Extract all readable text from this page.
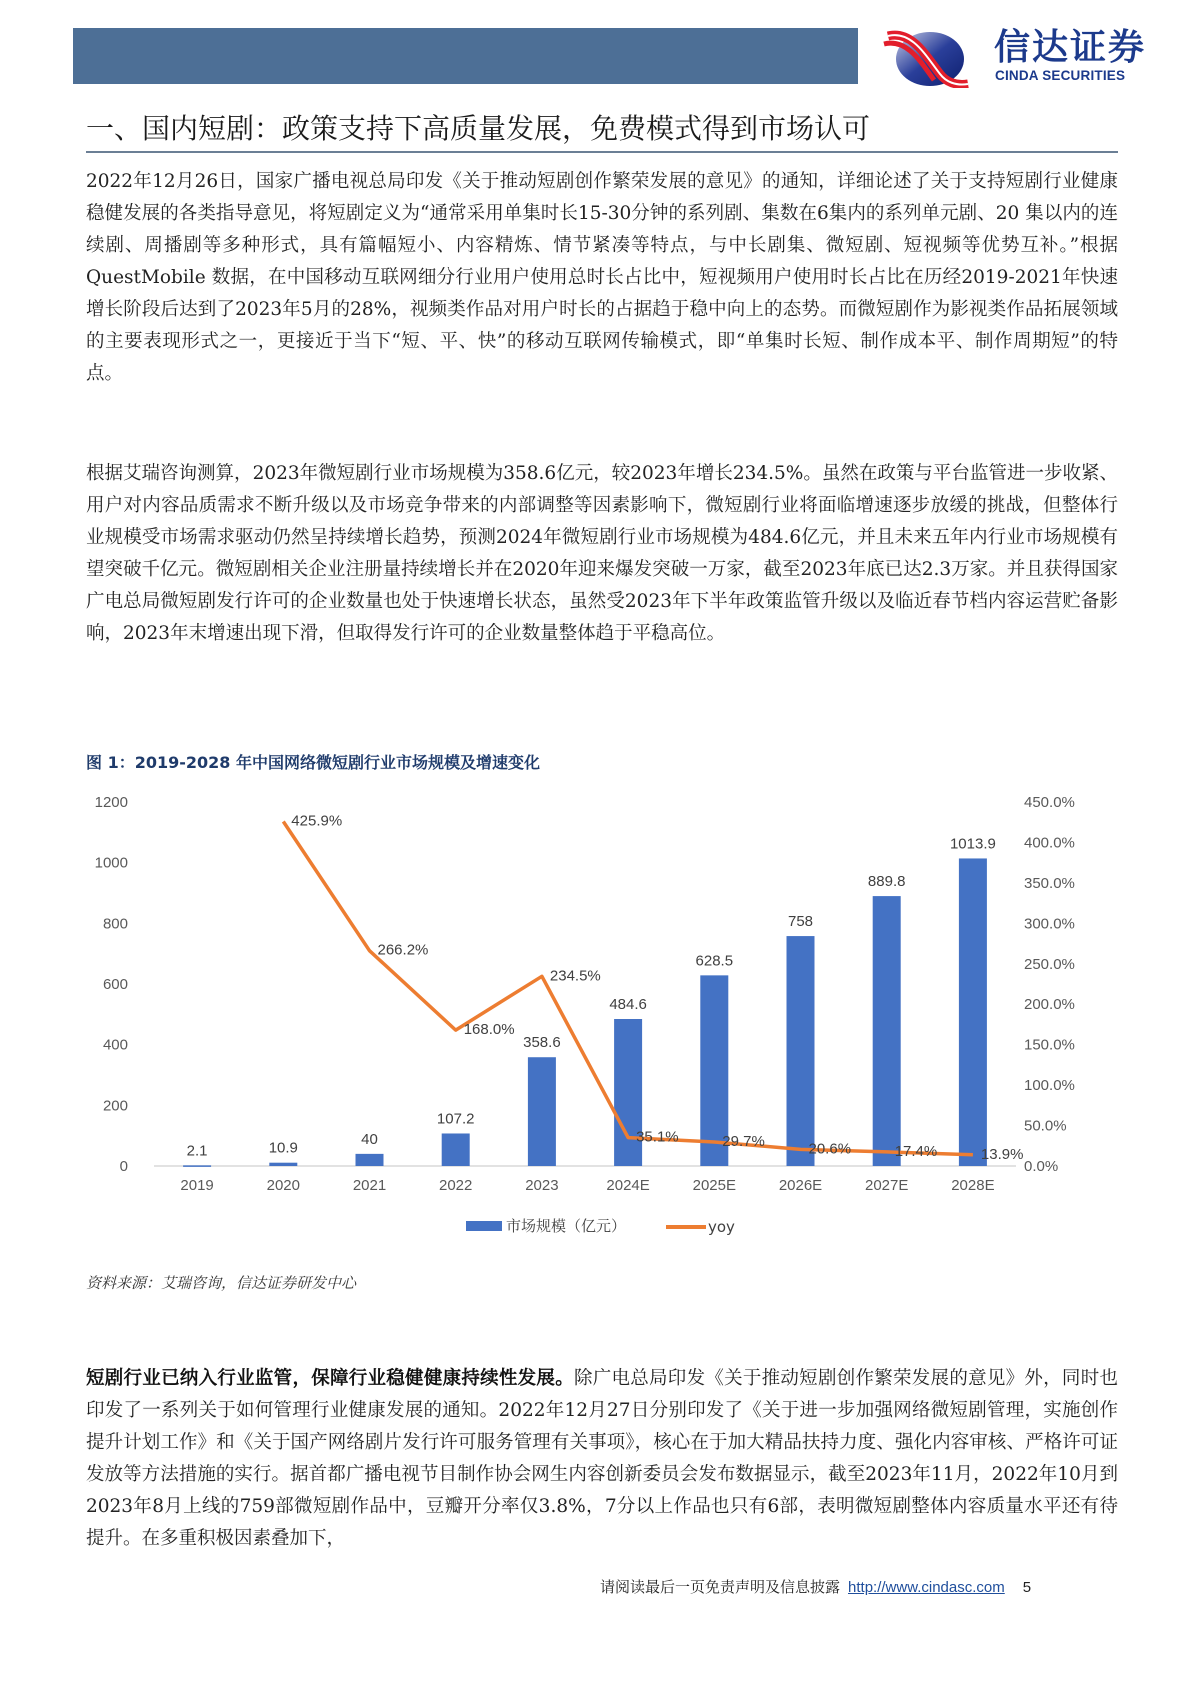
信达证券
CINDA SECURITIES
一、国内短剧：政策支持下高质量发展，免费模式得到市场认可
2022年12月26日，国家广播电视总局印发《关于推动短剧创作繁荣发展的意见》的通知，详细论述了关于支持短剧行业健康稳健发展的各类指导意见，将短剧定义为“通常采用单集时长15-30分钟的系列剧、集数在6集内的系列单元剧、20 集以内的连续剧、周播剧等多种形式，具有篇幅短小、内容精炼、情节紧凑等特点，与中长剧集、微短剧、短视频等优势互补。”根据 QuestMobile 数据，在中国移动互联网细分行业用户使用总时长占比中，短视频用户使用时长占比在历经2019-2021年快速增长阶段后达到了2023年5月的28%，视频类作品对用户时长的占据趋于稳中向上的态势。而微短剧作为影视类作品拓展领域的主要表现形式之一，更接近于当下“短、平、快”的移动互联网传输模式，即“单集时长短、制作成本平、制作周期短”的特点。
根据艾瑞咨询测算，2023年微短剧行业市场规模为358.6亿元，较2023年增长234.5%。虽然在政策与平台监管进一步收紧、用户对内容品质需求不断升级以及市场竞争带来的内部调整等因素影响下，微短剧行业将面临增速逐步放缓的挑战，但整体行业规模受市场需求驱动仍然呈持续增长趋势，预测2024年微短剧行业市场规模为484.6亿元，并且未来五年内行业市场规模有望突破千亿元。微短剧相关企业注册量持续增长并在2020年迎来爆发突破一万家，截至2023年底已达2.3万家。并且获得国家广电总局微短剧发行许可的企业数量也处于快速增长状态，虽然受2023年下半年政策监管升级以及临近春节档内容运营贮备影响，2023年末增速出现下滑，但取得发行许可的企业数量整体趋于平稳高位。
图 1：2019-2028 年中国网络微短剧行业市场规模及增速变化
0
200
400
600
800
1000
1200
0.0%
50.0%
100.0%
150.0%
200.0%
250.0%
300.0%
350.0%
400.0%
450.0%
2.1	10.9
40
107.2
358.6
484.6
628.5
758
889.8
1013.9
2019	2020	2021	2022	2023	2024E	2025E	2026E	2027E	2028E
425.9%
266.2%
168.0%
234.5%
35.1%	29.7%	20.6%	17.4%	13.9%
市场规模（亿元）	yoy
资料来源：艾瑞咨询，信达证券研发中心
短剧行业已纳入行业监管，保障行业稳健健康持续性发展。除广电总局印发《关于推动短剧创作繁荣发展的意见》外，同时也印发了一系列关于如何管理行业健康发展的通知。2022年12月27日分别印发了《关于进一步加强网络微短剧管理，实施创作提升计划工作》和《关于国产网络剧片发行许可服务管理有关事项》，核心在于加大精品扶持力度、强化内容审核、严格许可证发放等方法措施的实行。据首都广播电视节目制作协会网生内容创新委员会发布数据显示，截至2023年11月，2022年10月到2023年8月上线的759部微短剧作品中，豆瓣开分率仅3.8%，7分以上作品也只有6部，表明微短剧整体内容质量水平还有待提升。在多重积极因素叠加下，
请阅读最后一页免责声明及信息披露 http://www.cindasc.com 5
